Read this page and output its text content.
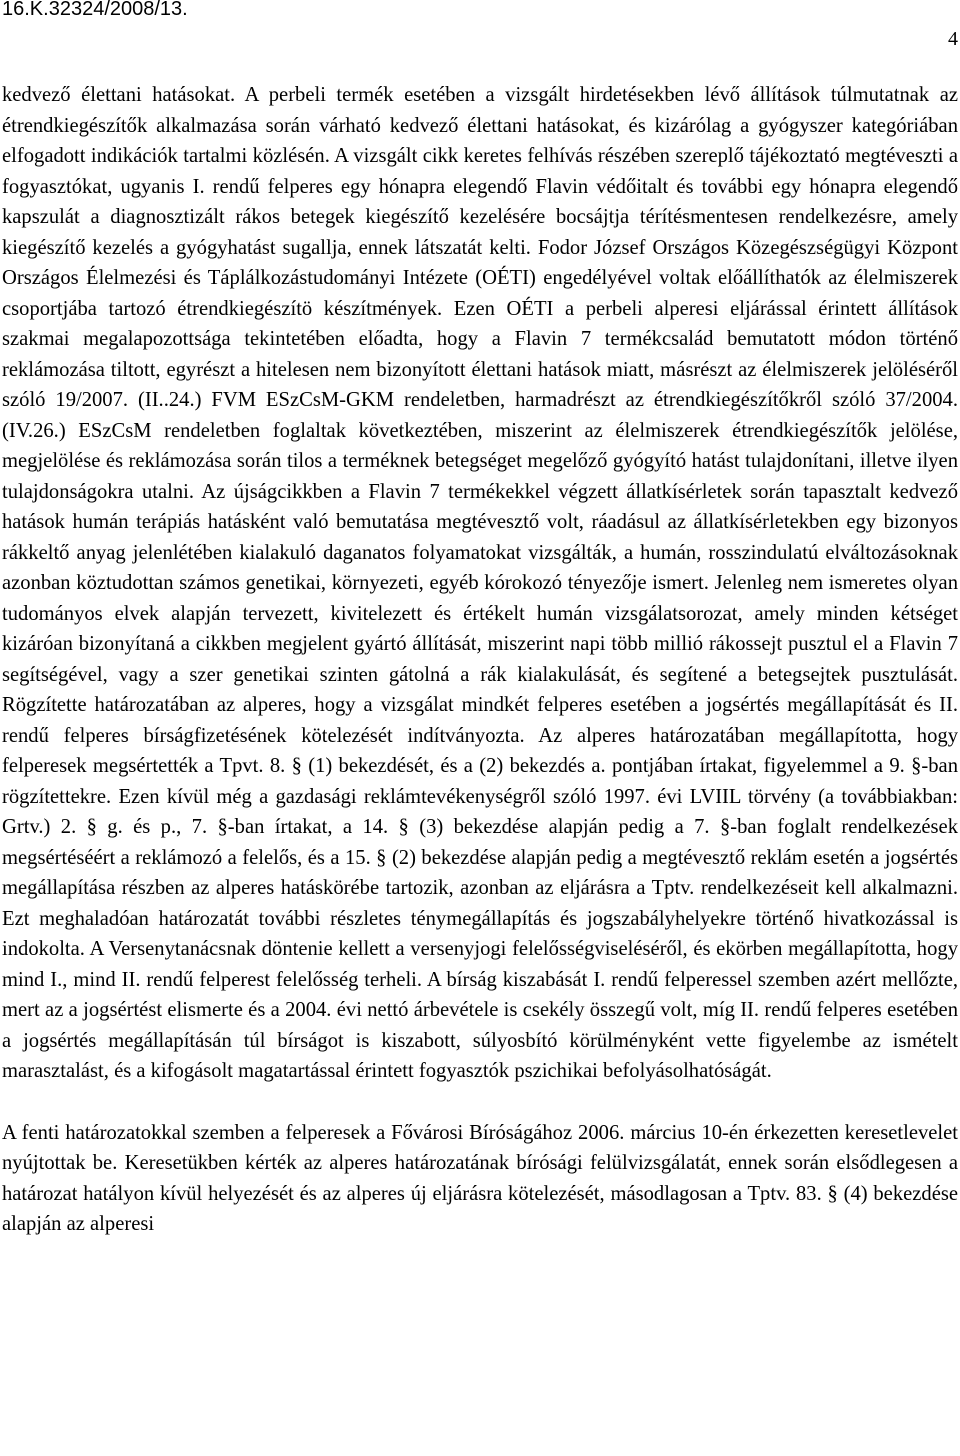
16.K.32324/2008/13.
4

kedvező élettani hatásokat. A perbeli termék esetében a vizsgált hirdetésekben lévő állítások túlmutatnak az étrendkiegészítők alkalmazása során várható kedvező élettani hatásokat, és kizárólag a gyógyszer kategóriában elfogadott indikációk tartalmi közlésén. A vizsgált cikk keretes felhívás részében szereplő tájékoztató megtéveszti a fogyasztókat, ugyanis I. rendű felperes egy hónapra elegendő Flavin védőitalt és további egy hónapra elegendő kapszulát a diagnosztizált rákos betegek kiegészítő kezelésére bocsájtja térítésmentesen rendelkezésre, amely kiegészítő kezelés a gyógyhatást sugallja, ennek látszatát kelti. Fodor József Országos Közegészségügyi Központ Országos Élelmezési és Táplálkozástudományi Intézete (OÉTI) engedélyével voltak előállíthatók az élelmiszerek csoportjába tartozó étrendkiegészítö készítmények. Ezen OÉTI a perbeli alperesi eljárással érintett állítások szakmai megalapozottsága tekintetében előadta, hogy a Flavin 7 termékcsalád bemutatott módon történő reklámozása tiltott, egyrészt a hitelesen nem bizonyított élettani hatások miatt, másrészt az élelmiszerek jelöléséről szóló 19/2007. (II..24.) FVM ESzCsM-GKM rendeletben, harmadrészt az étrendkiegészítőkről szóló 37/2004. (IV.26.) ESzCsM rendeletben foglaltak következtében, miszerint az élelmiszerek étrendkiegészítők jelölése, megjelölése és reklámozása során tilos a terméknek betegséget megelőző gyógyító hatást tulajdonítani, illetve ilyen tulajdonságokra utalni. Az újságcikkben a Flavin 7 termékekkel végzett állatkísérletek során tapasztalt kedvező hatások humán terápiás hatásként való bemutatása megtévesztő volt, ráadásul az állatkísérletekben egy bizonyos rákkeltő anyag jelenlétében kialakuló daganatos folyamatokat vizsgálták, a humán, rosszindulatú elváltozásoknak azonban köztudottan számos genetikai, környezeti, egyéb kórokozó tényezője ismert. Jelenleg nem ismeretes olyan tudományos elvek alapján tervezett, kivitelezett és értékelt humán vizsgálatsorozat, amely minden kétséget kizáróan bizonyítaná a cikkben megjelent gyártó állítását, miszerint napi több millió rákossejt pusztul el a Flavin 7 segítségével, vagy a szer genetikai szinten gátolná a rák kialakulását, és segítené a betegsejtek pusztulását. Rögzítette határozatában az alperes, hogy a vizsgálat mindkét felperes esetében a jogsértés megállapítását és II. rendű felperes bírságfizetésének kötelezését indítványozta. Az alperes határozatában megállapította, hogy felperesek megsértették a Tpvt. 8. § (1) bekezdését, és a (2) bekezdés a. pontjában írtakat, figyelemmel a 9. §-ban rögzítettekre. Ezen kívül még a gazdasági reklámtevékenységről szóló 1997. évi LVIIL törvény (a továbbiakban: Grtv.) 2. § g. és p., 7. §-ban írtakat, a 14. § (3) bekezdése alapján pedig a 7. §-ban foglalt rendelkezések megsértéséért a reklámozó a felelős, és a 15. § (2) bekezdése alapján pedig a megtévesztő reklám esetén a jogsértés megállapítása részben az alperes hatáskörébe tartozik, azonban az eljárásra a Tptv. rendelkezéseit kell alkalmazni. Ezt meghaladóan határozatát további részletes ténymegállapítás és jogszabályhelyekre történő hivatkozással is indokolta. A Versenytanácsnak döntenie kellett a versenyjogi felelősségviseléséről, és ekörben megállapította, hogy mind I., mind II. rendű felperest felelősség terheli. A bírság kiszabását I. rendű felperessel szemben azért mellőzte, mert az a jogsértést elismerte és a 2004. évi nettó árbevétele is csekély összegű volt, míg II. rendű felperes esetében a jogsértés megállapításán túl bírságot is kiszabott, súlyosbító körülményként vette figyelembe az ismételt marasztalást, és a kifogásolt magatartással érintett fogyasztók pszichikai befolyásolhatóságát.

A fenti határozatokkal szemben a felperesek a Fővárosi Bíróságához 2006. március 10-én érkezetten keresetlevelet nyújtottak be. Keresetükben kérték az alperes határozatának bírósági felülvizsgálatát, ennek során elsődlegesen a határozat hatályon kívül helyezését és az alperes új eljárásra kötelezését, másodlagosan a Tptv. 83. § (4) bekezdése alapján az alperesi
